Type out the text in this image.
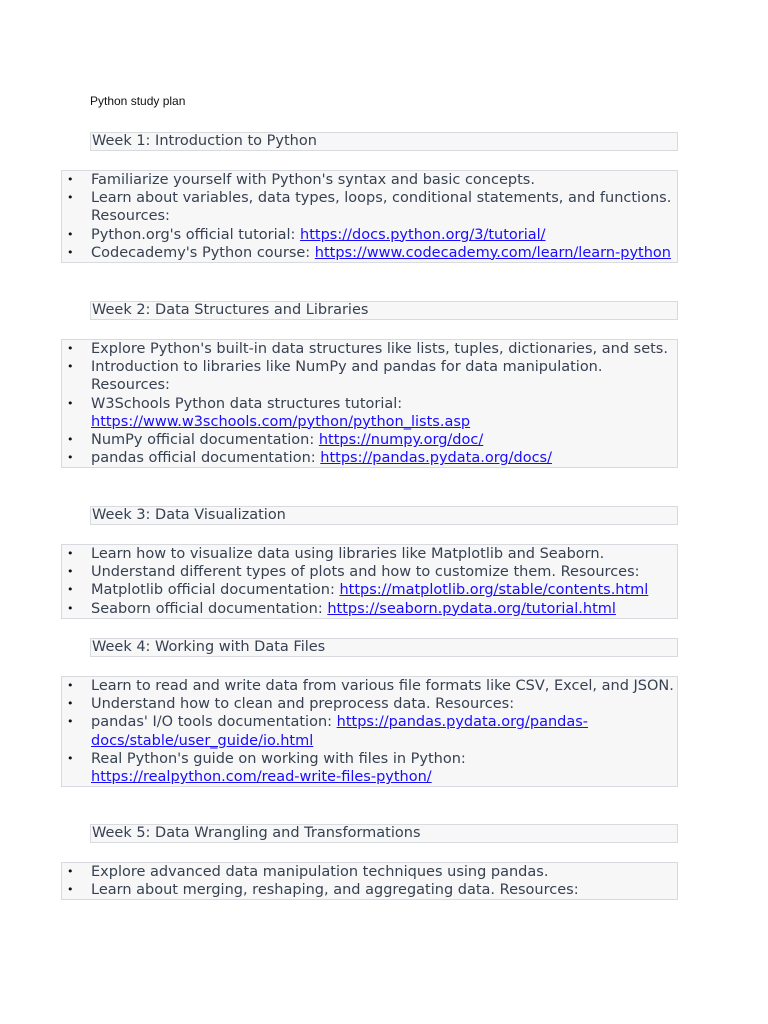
Python study plan
Week 1: Introduction to Python
• Familiarize yourself with Python's syntax and basic concepts.
• Learn about variables, data types, loops, conditional statements, and functions. Resources:
• Python.org's official tutorial: https://docs.python.org/3/tutorial/
• Codecademy's Python course: https://www.codecademy.com/learn/learn-python
Week 2: Data Structures and Libraries
• Explore Python's built-in data structures like lists, tuples, dictionaries, and sets.
• Introduction to libraries like NumPy and pandas for data manipulation. Resources:
• W3Schools Python data structures tutorial: https://www.w3schools.com/python/python_lists.asp
• NumPy official documentation: https://numpy.org/doc/
• pandas official documentation: https://pandas.pydata.org/docs/
Week 3: Data Visualization
• Learn how to visualize data using libraries like Matplotlib and Seaborn.
• Understand different types of plots and how to customize them. Resources:
• Matplotlib official documentation: https://matplotlib.org/stable/contents.html
• Seaborn official documentation: https://seaborn.pydata.org/tutorial.html
Week 4: Working with Data Files
• Learn to read and write data from various file formats like CSV, Excel, and JSON.
• Understand how to clean and preprocess data. Resources:
• pandas' I/O tools documentation: https://pandas.pydata.org/pandas-docs/stable/user_guide/io.html
• Real Python's guide on working with files in Python: https://realpython.com/read-write-files-python/
Week 5: Data Wrangling and Transformations
• Explore advanced data manipulation techniques using pandas.
• Learn about merging, reshaping, and aggregating data. Resources:
